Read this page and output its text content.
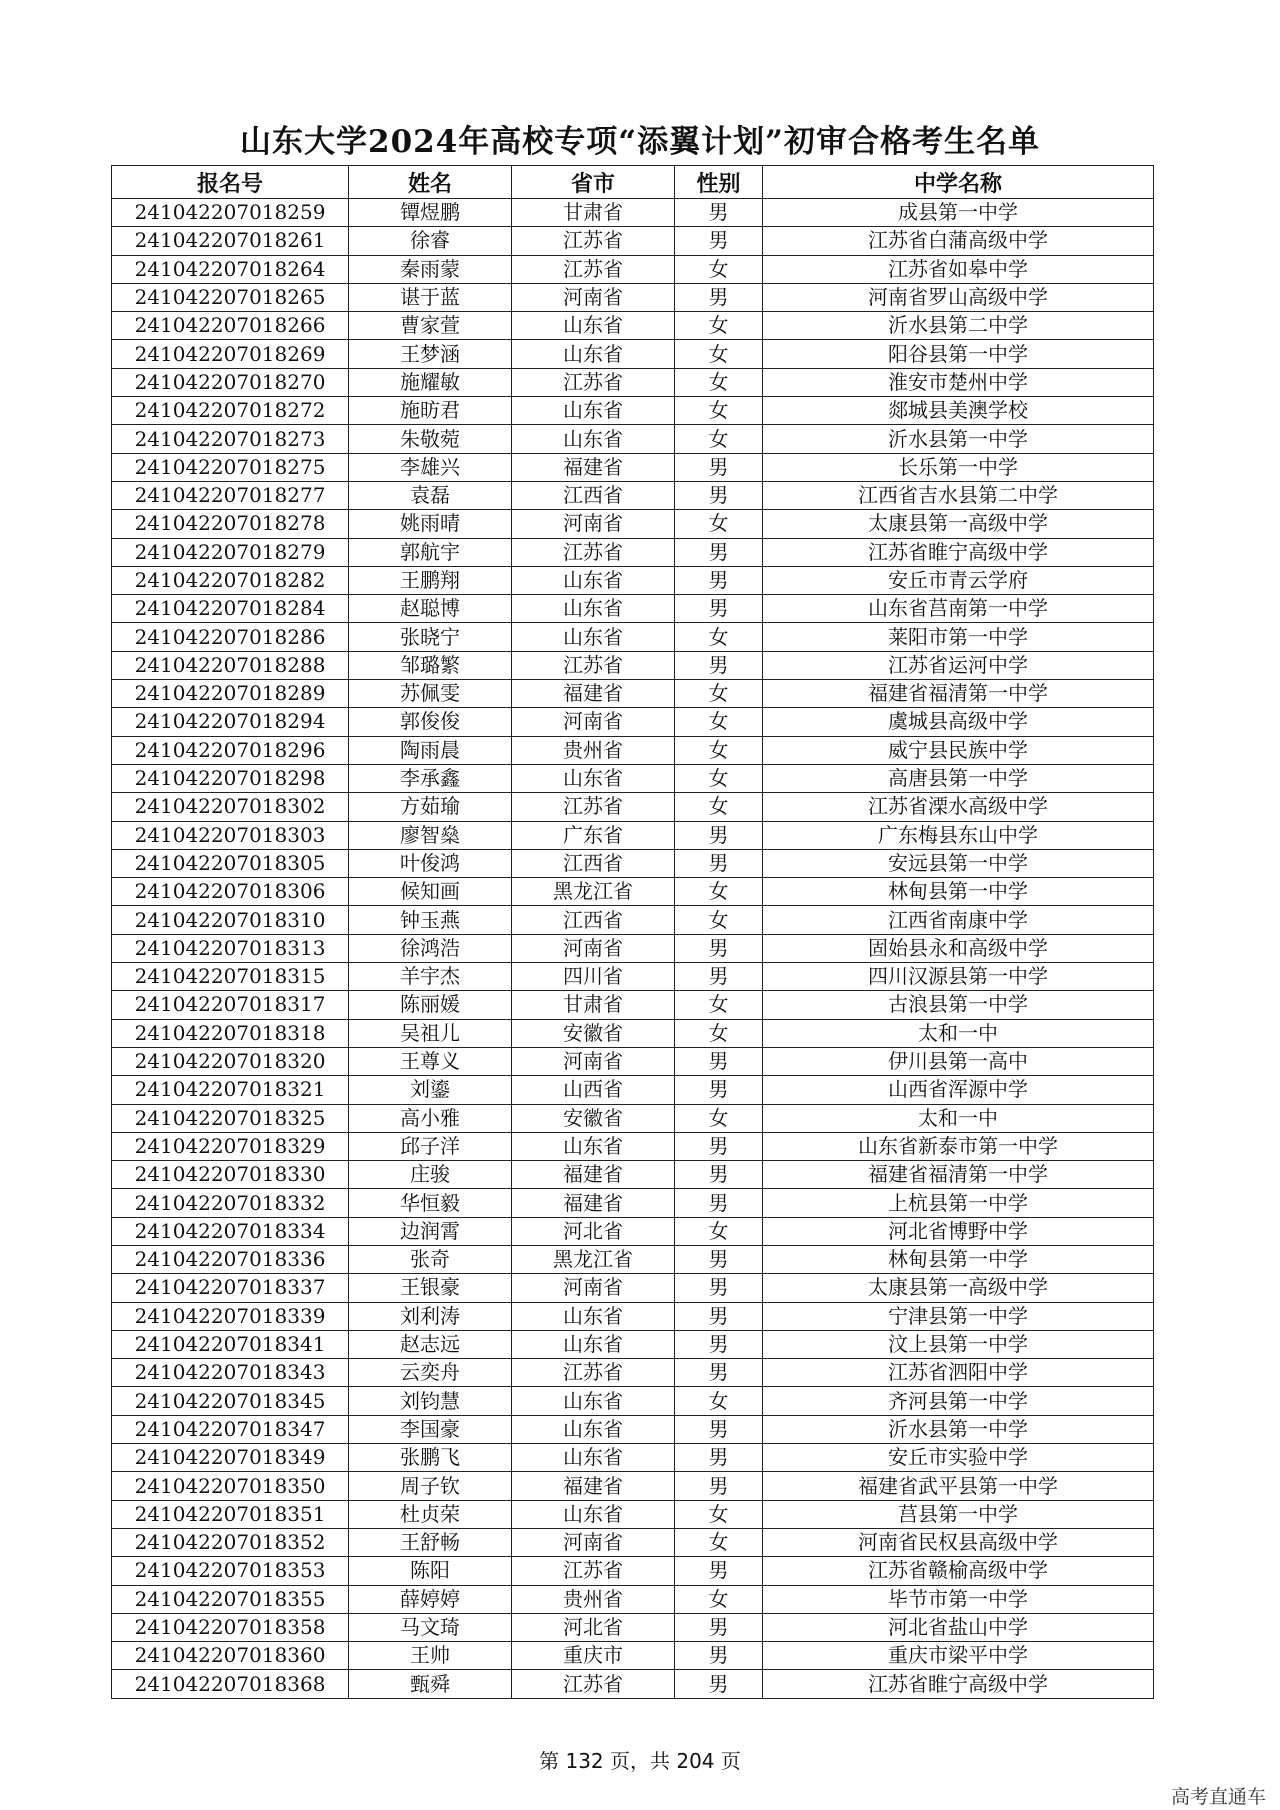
山东大学2024年高校专项“添翼计划”初审合格考生名单
报名号	姓名	省市	性别	中学名称
241042207018259	镡煜鹏	甘肃省	男	成县第一中学
241042207018261	徐睿	江苏省	男	江苏省白蒲高级中学
241042207018264	秦雨蒙	江苏省	女	江苏省如皋中学
241042207018265	谌于蓝	河南省	男	河南省罗山高级中学
241042207018266	曹家萱	山东省	女	沂水县第二中学
241042207018269	王梦涵	山东省	女	阳谷县第一中学
241042207018270	施耀敏	江苏省	女	淮安市楚州中学
241042207018272	施昉君	山东省	女	郯城县美澳学校
241042207018273	朱敬菀	山东省	女	沂水县第一中学
241042207018275	李雄兴	福建省	男	长乐第一中学
241042207018277	袁磊	江西省	男	江西省吉水县第二中学
241042207018278	姚雨晴	河南省	女	太康县第一高级中学
241042207018279	郭航宇	江苏省	男	江苏省睢宁高级中学
241042207018282	王鹏翔	山东省	男	安丘市青云学府
241042207018284	赵聪博	山东省	男	山东省莒南第一中学
241042207018286	张晓宁	山东省	女	莱阳市第一中学
241042207018288	邹璐繁	江苏省	男	江苏省运河中学
241042207018289	苏佩雯	福建省	女	福建省福清第一中学
241042207018294	郭俊俊	河南省	女	虞城县高级中学
241042207018296	陶雨晨	贵州省	女	威宁县民族中学
241042207018298	李承鑫	山东省	女	高唐县第一中学
241042207018302	方茹瑜	江苏省	女	江苏省溧水高级中学
241042207018303	廖智燊	广东省	男	广东梅县东山中学
241042207018305	叶俊鸿	江西省	男	安远县第一中学
241042207018306	候知画	黑龙江省	女	林甸县第一中学
241042207018310	钟玉燕	江西省	女	江西省南康中学
241042207018313	徐鸿浩	河南省	男	固始县永和高级中学
241042207018315	羊宇杰	四川省	男	四川汉源县第一中学
241042207018317	陈丽媛	甘肃省	女	古浪县第一中学
241042207018318	吴祖儿	安徽省	女	太和一中
241042207018320	王尊义	河南省	男	伊川县第一高中
241042207018321	刘鎏	山西省	男	山西省浑源中学
241042207018325	高小雅	安徽省	女	太和一中
241042207018329	邱子洋	山东省	男	山东省新泰市第一中学
241042207018330	庄骏	福建省	男	福建省福清第一中学
241042207018332	华恒毅	福建省	男	上杭县第一中学
241042207018334	边润霄	河北省	女	河北省博野中学
241042207018336	张奇	黑龙江省	男	林甸县第一中学
241042207018337	王银豪	河南省	男	太康县第一高级中学
241042207018339	刘利涛	山东省	男	宁津县第一中学
241042207018341	赵志远	山东省	男	汶上县第一中学
241042207018343	云奕舟	江苏省	男	江苏省泗阳中学
241042207018345	刘钧慧	山东省	女	齐河县第一中学
241042207018347	李国豪	山东省	男	沂水县第一中学
241042207018349	张鹏飞	山东省	男	安丘市实验中学
241042207018350	周子钦	福建省	男	福建省武平县第一中学
241042207018351	杜贞荣	山东省	女	莒县第一中学
241042207018352	王舒畅	河南省	女	河南省民权县高级中学
241042207018353	陈阳	江苏省	男	江苏省赣榆高级中学
241042207018355	薛婷婷	贵州省	女	毕节市第一中学
241042207018358	马文琦	河北省	男	河北省盐山中学
241042207018360	王帅	重庆市	男	重庆市梁平中学
241042207018368	甄舜	江苏省	男	江苏省睢宁高级中学
第 132 页，共 204 页
高考直通车
